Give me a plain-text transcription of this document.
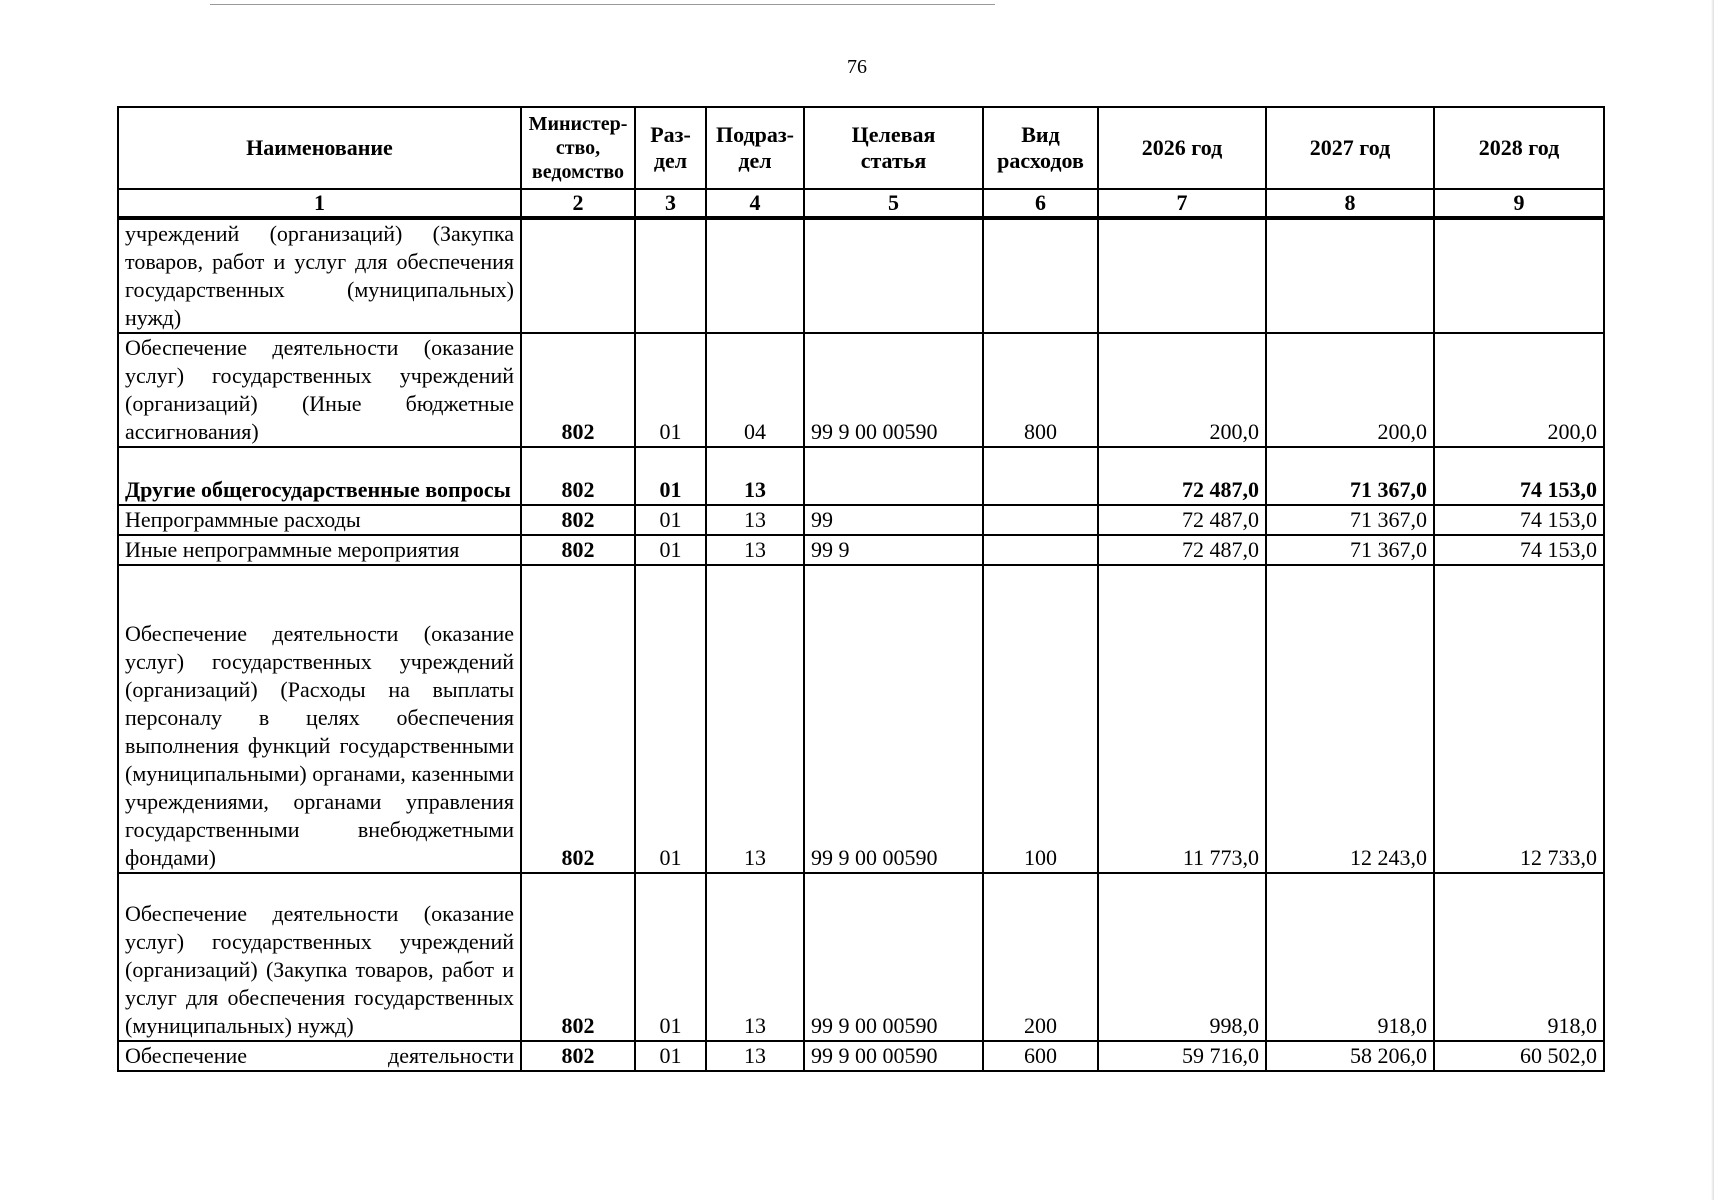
76
Наименование	Министер-ство, ведомство	Раз-дел	Подраз-дел	Целевая статья	Вид расходов	2026 год	2027 год	2028 год
1	2	3	4	5	6	7	8	9
учреждений (организаций) (Закупка товаров, работ и услуг для обеспечения государственных (муниципальных) нужд)								
Обеспечение деятельности (оказание услуг) государственных учреждений (организаций) (Иные бюджетные ассигнования)	802	01	04	99 9 00 00590	800	200,0	200,0	200,0
Другие общегосударственные вопросы	802	01	13			72 487,0	71 367,0	74 153,0
Непрограммные расходы	802	01	13	99		72 487,0	71 367,0	74 153,0
Иные непрограммные мероприятия	802	01	13	99 9		72 487,0	71 367,0	74 153,0
Обеспечение деятельности (оказание услуг) государственных учреждений (организаций) (Расходы на выплаты персоналу в целях обеспечения выполнения функций государственными (муниципальными) органами, казенными учреждениями, органами управления государственными внебюджетными фондами)	802	01	13	99 9 00 00590	100	11 773,0	12 243,0	12 733,0
Обеспечение деятельности (оказание услуг) государственных учреждений (организаций) (Закупка товаров, работ и услуг для обеспечения государственных (муниципальных) нужд)	802	01	13	99 9 00 00590	200	998,0	918,0	918,0
Обеспечение деятельности	802	01	13	99 9 00 00590	600	59 716,0	58 206,0	60 502,0
